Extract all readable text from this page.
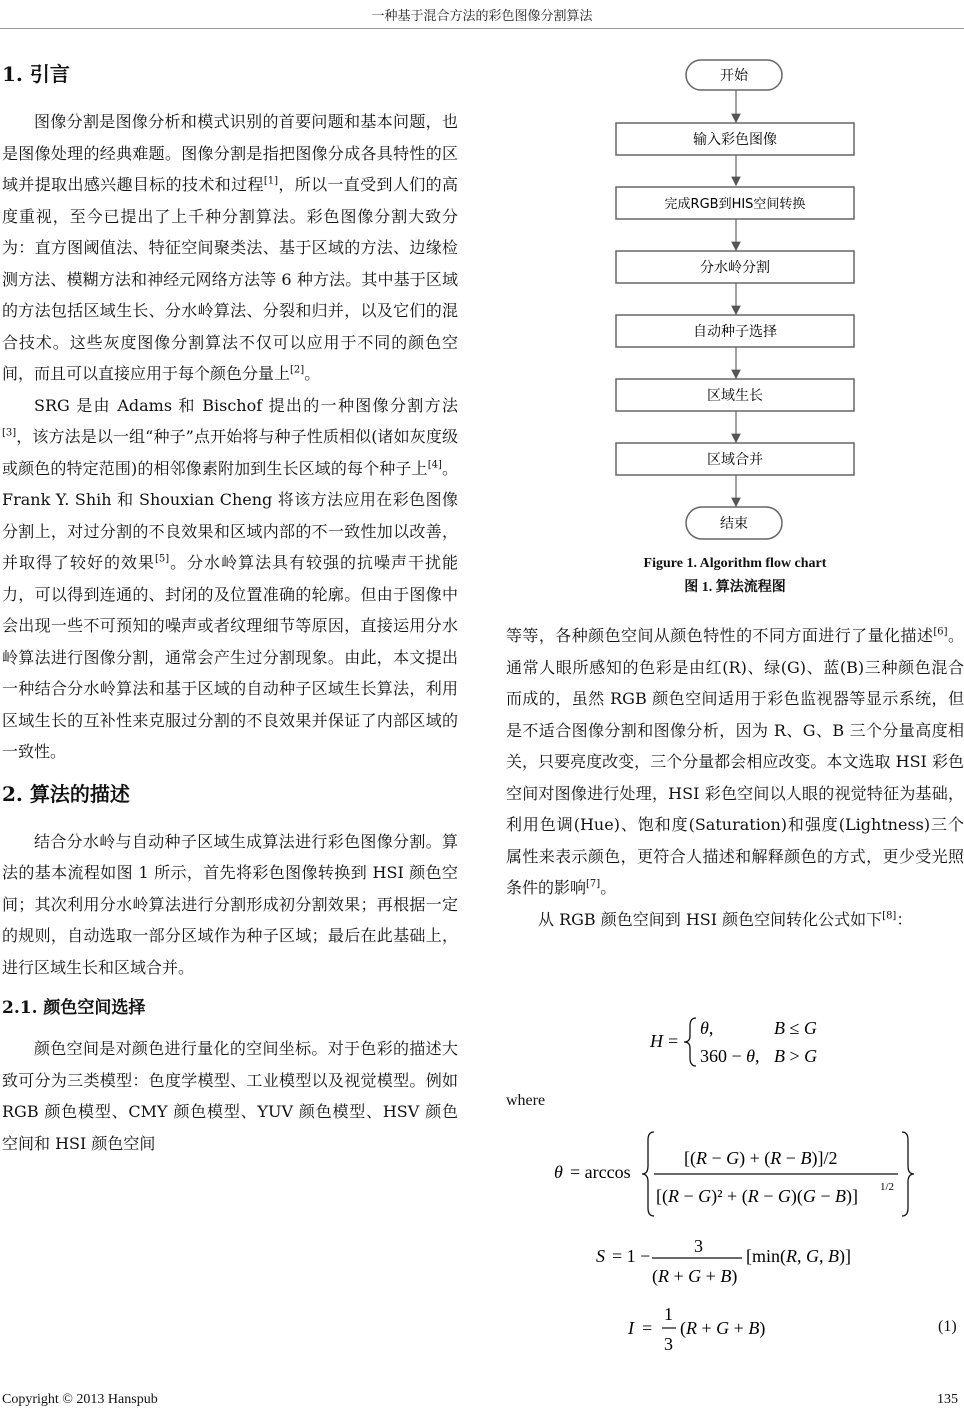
一种基于混合方法的彩色图像分割算法
1. 引言

图像分割是图像分析和模式识别的首要问题和基本问题，也是图像处理的经典难题。图像分割是指把图像分成各具特性的区域并提取出感兴趣目标的技术和过程[1]，所以一直受到人们的高度重视，至今已提出了上千种分割算法。彩色图像分割大致分为：直方图阈值法、特征空间聚类法、基于区域的方法、边缘检测方法、模糊方法和神经元网络方法等 6 种方法。其中基于区域的方法包括区域生长、分水岭算法、分裂和归并，以及它们的混合技术。这些灰度图像分割算法不仅可以应用于不同的颜色空间，而且可以直接应用于每个颜色分量上[2]。

SRG 是由 Adams 和 Bischof 提出的一种图像分割方法[3]，该方法是以一组“种子”点开始将与种子性质相似(诸如灰度级或颜色的特定范围)的相邻像素附加到生长区域的每个种子上[4]。Frank Y. Shih 和 Shouxian Cheng 将该方法应用在彩色图像分割上，对过分割的不良效果和区域内部的不一致性加以改善，并取得了较好的效果[5]。分水岭算法具有较强的抗噪声干扰能力，可以得到连通的、封闭的及位置准确的轮廓。但由于图像中会出现一些不可预知的噪声或者纹理细节等原因，直接运用分水岭算法进行图像分割，通常会产生过分割现象。由此，本文提出一种结合分水岭算法和基于区域的自动种子区域生长算法，利用区域生长的互补性来克服过分割的不良效果并保证了内部区域的一致性。

2. 算法的描述

结合分水岭与自动种子区域生成算法进行彩色图像分割。算法的基本流程如图 1 所示，首先将彩色图像转换到 HSI 颜色空间；其次利用分水岭算法进行分割形成初分割效果；再根据一定的规则，自动选取一部分区域作为种子区域；最后在此基础上，进行区域生长和区域合并。

2.1. 颜色空间选择

颜色空间是对颜色进行量化的空间坐标。对于色彩的描述大致可分为三类模型：色度学模型、工业模型以及视觉模型。例如 RGB 颜色模型、CMY 颜色模型、YUV 颜色模型、HSV 颜色空间和 HSI 颜色空间

开始
输入彩色图像
完成RGB到HIS空间转换
分水岭分割
自动种子选择
区域生长
区域合并
结束
Figure 1. Algorithm flow chart
图 1. 算法流程图

等等，各种颜色空间从颜色特性的不同方面进行了量化描述[6]。通常人眼所感知的色彩是由红(R)、绿(G)、蓝(B)三种颜色混合而成的，虽然 RGB 颜色空间适用于彩色监视器等显示系统，但是不适合图像分割和图像分析，因为 R、G、B 三个分量高度相关，只要亮度改变，三个分量都会相应改变。本文选取 HSI 彩色空间对图像进行处理，HSI 彩色空间以人眼的视觉特征为基础，利用色调(Hue)、饱和度(Saturation)和强度(Lightness)三个属性来表示颜色，更符合人描述和解释颜色的方式，更少受光照条件的影响[7]。

从 RGB 颜色空间到 HSI 颜色空间转化公式如下[8]：

H =
θ,	B ≤ G
360 − θ, B > G
where
θ = arccos
[(R − G) + (R − B)]/2
[(R − G)² + (R − G)(G − B)] 1/2
S = 1 − 3
(R + G + B)
[min(R, G, B)]
I =
1
3
(R + G + B)	(1)
Copyright © 2013 Hanspub	135
